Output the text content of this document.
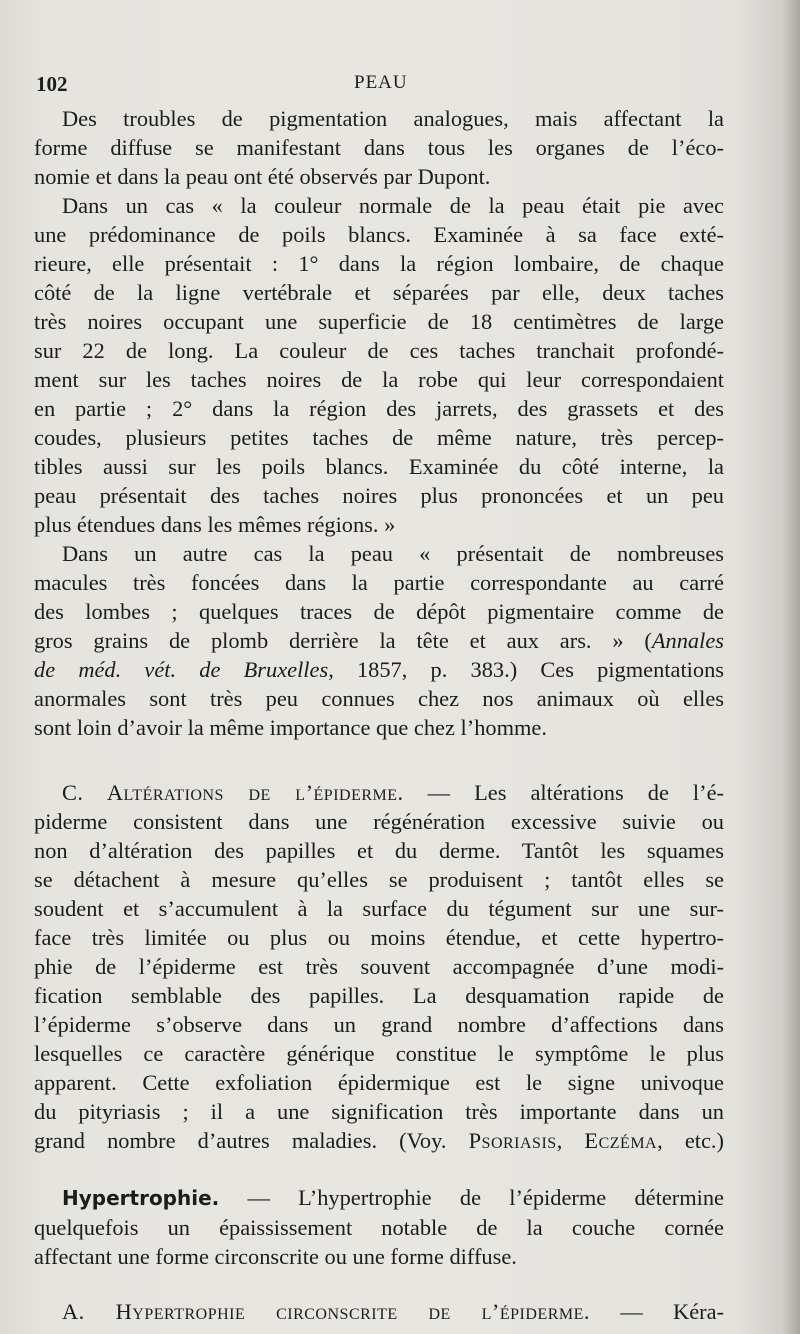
102	PEAU

Des troubles de pigmentation analogues, mais affectant la
forme diffuse se manifestant dans tous les organes de l’éco-
nomie et dans la peau ont été observés par Dupont.

Dans un cas « la couleur normale de la peau était pie avec
une prédominance de poils blancs. Examinée à sa face exté-
rieure, elle présentait : 1° dans la région lombaire, de chaque
côté de la ligne vertébrale et séparées par elle, deux taches
très noires occupant une superficie de 18 centimètres de large
sur 22 de long. La couleur de ces taches tranchait profondé-
ment sur les taches noires de la robe qui leur correspondaient
en partie ; 2° dans la région des jarrets, des grassets et des
coudes, plusieurs petites taches de même nature, très percep-
tibles aussi sur les poils blancs. Examinée du côté interne, la
peau présentait des taches noires plus prononcées et un peu
plus étendues dans les mêmes régions. »

Dans un autre cas la peau « présentait de nombreuses
macules très foncées dans la partie correspondante au carré
des lombes ; quelques traces de dépôt pigmentaire comme de
gros grains de plomb derrière la tête et aux ars. » (Annales
de méd. vét. de Bruxelles, 1857, p. 383.) Ces pigmentations
anormales sont très peu connues chez nos animaux où elles
sont loin d’avoir la même importance que chez l’homme.

C. Altérations de l’épiderme. — Les altérations de l’é-
piderme consistent dans une régénération excessive suivie ou
non d’altération des papilles et du derme. Tantôt les squames
se détachent à mesure qu’elles se produisent ; tantôt elles se
soudent et s’accumulent à la surface du tégument sur une sur-
face très limitée ou plus ou moins étendue, et cette hypertro-
phie de l’épiderme est très souvent accompagnée d’une modi-
fication semblable des papilles. La desquamation rapide de
l’épiderme s’observe dans un grand nombre d’affections dans
lesquelles ce caractère générique constitue le symptôme le plus
apparent. Cette exfoliation épidermique est le signe univoque
du pityriasis ; il a une signification très importante dans un
grand nombre d’autres maladies. (Voy. Psoriasis, Eczéma, etc.)

Hypertrophie. — L’hypertrophie de l’épiderme détermine
quelquefois un épaississement notable de la couche cornée
affectant une forme circonscrite ou une forme diffuse.

A. Hypertrophie circonscrite de l’épiderme. — Kéra-
